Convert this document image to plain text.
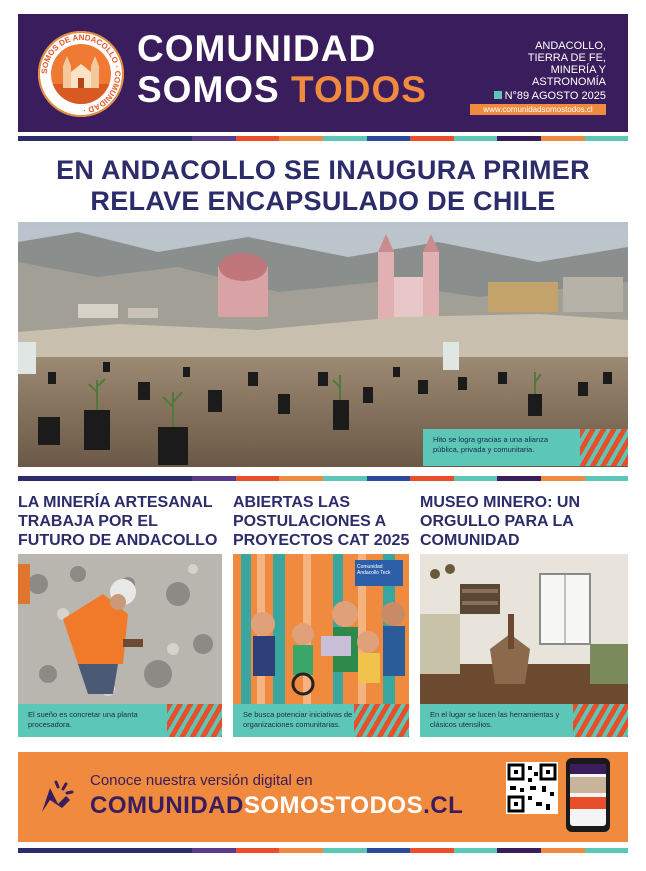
SOMOS DE ANDACOLLO · COMUNIDAD ·
COMUNIDAD
SOMOS TODOS
ANDACOLLO,
TIERRA DE FE,
MINERÍA Y
ASTRONOMÍA
N°89 AGOSTO 2025
www.comunidadsomostodos.cl
EN ANDACOLLO SE INAUGURA PRIMER
RELAVE ENCAPSULADO DE CHILE
Hito se logra gracias a una alianza pública, privada y comunitaria.
LA MINERÍA ARTESANAL TRABAJA POR EL FUTURO DE ANDACOLLO
El sueño es concretar una planta procesadora.
ABIERTAS LAS POSTULACIONES A PROYECTOS CAT 2025
Comunidad Andacollo Teck
Se busca potenciar iniciativas de organizaciones comunitarias.
MUSEO MINERO: UN ORGULLO PARA LA COMUNIDAD
En el lugar se lucen las herramientas y clásicos utensilios.
Conoce nuestra versión digital en
COMUNIDADSOMOSTODOS.CL
